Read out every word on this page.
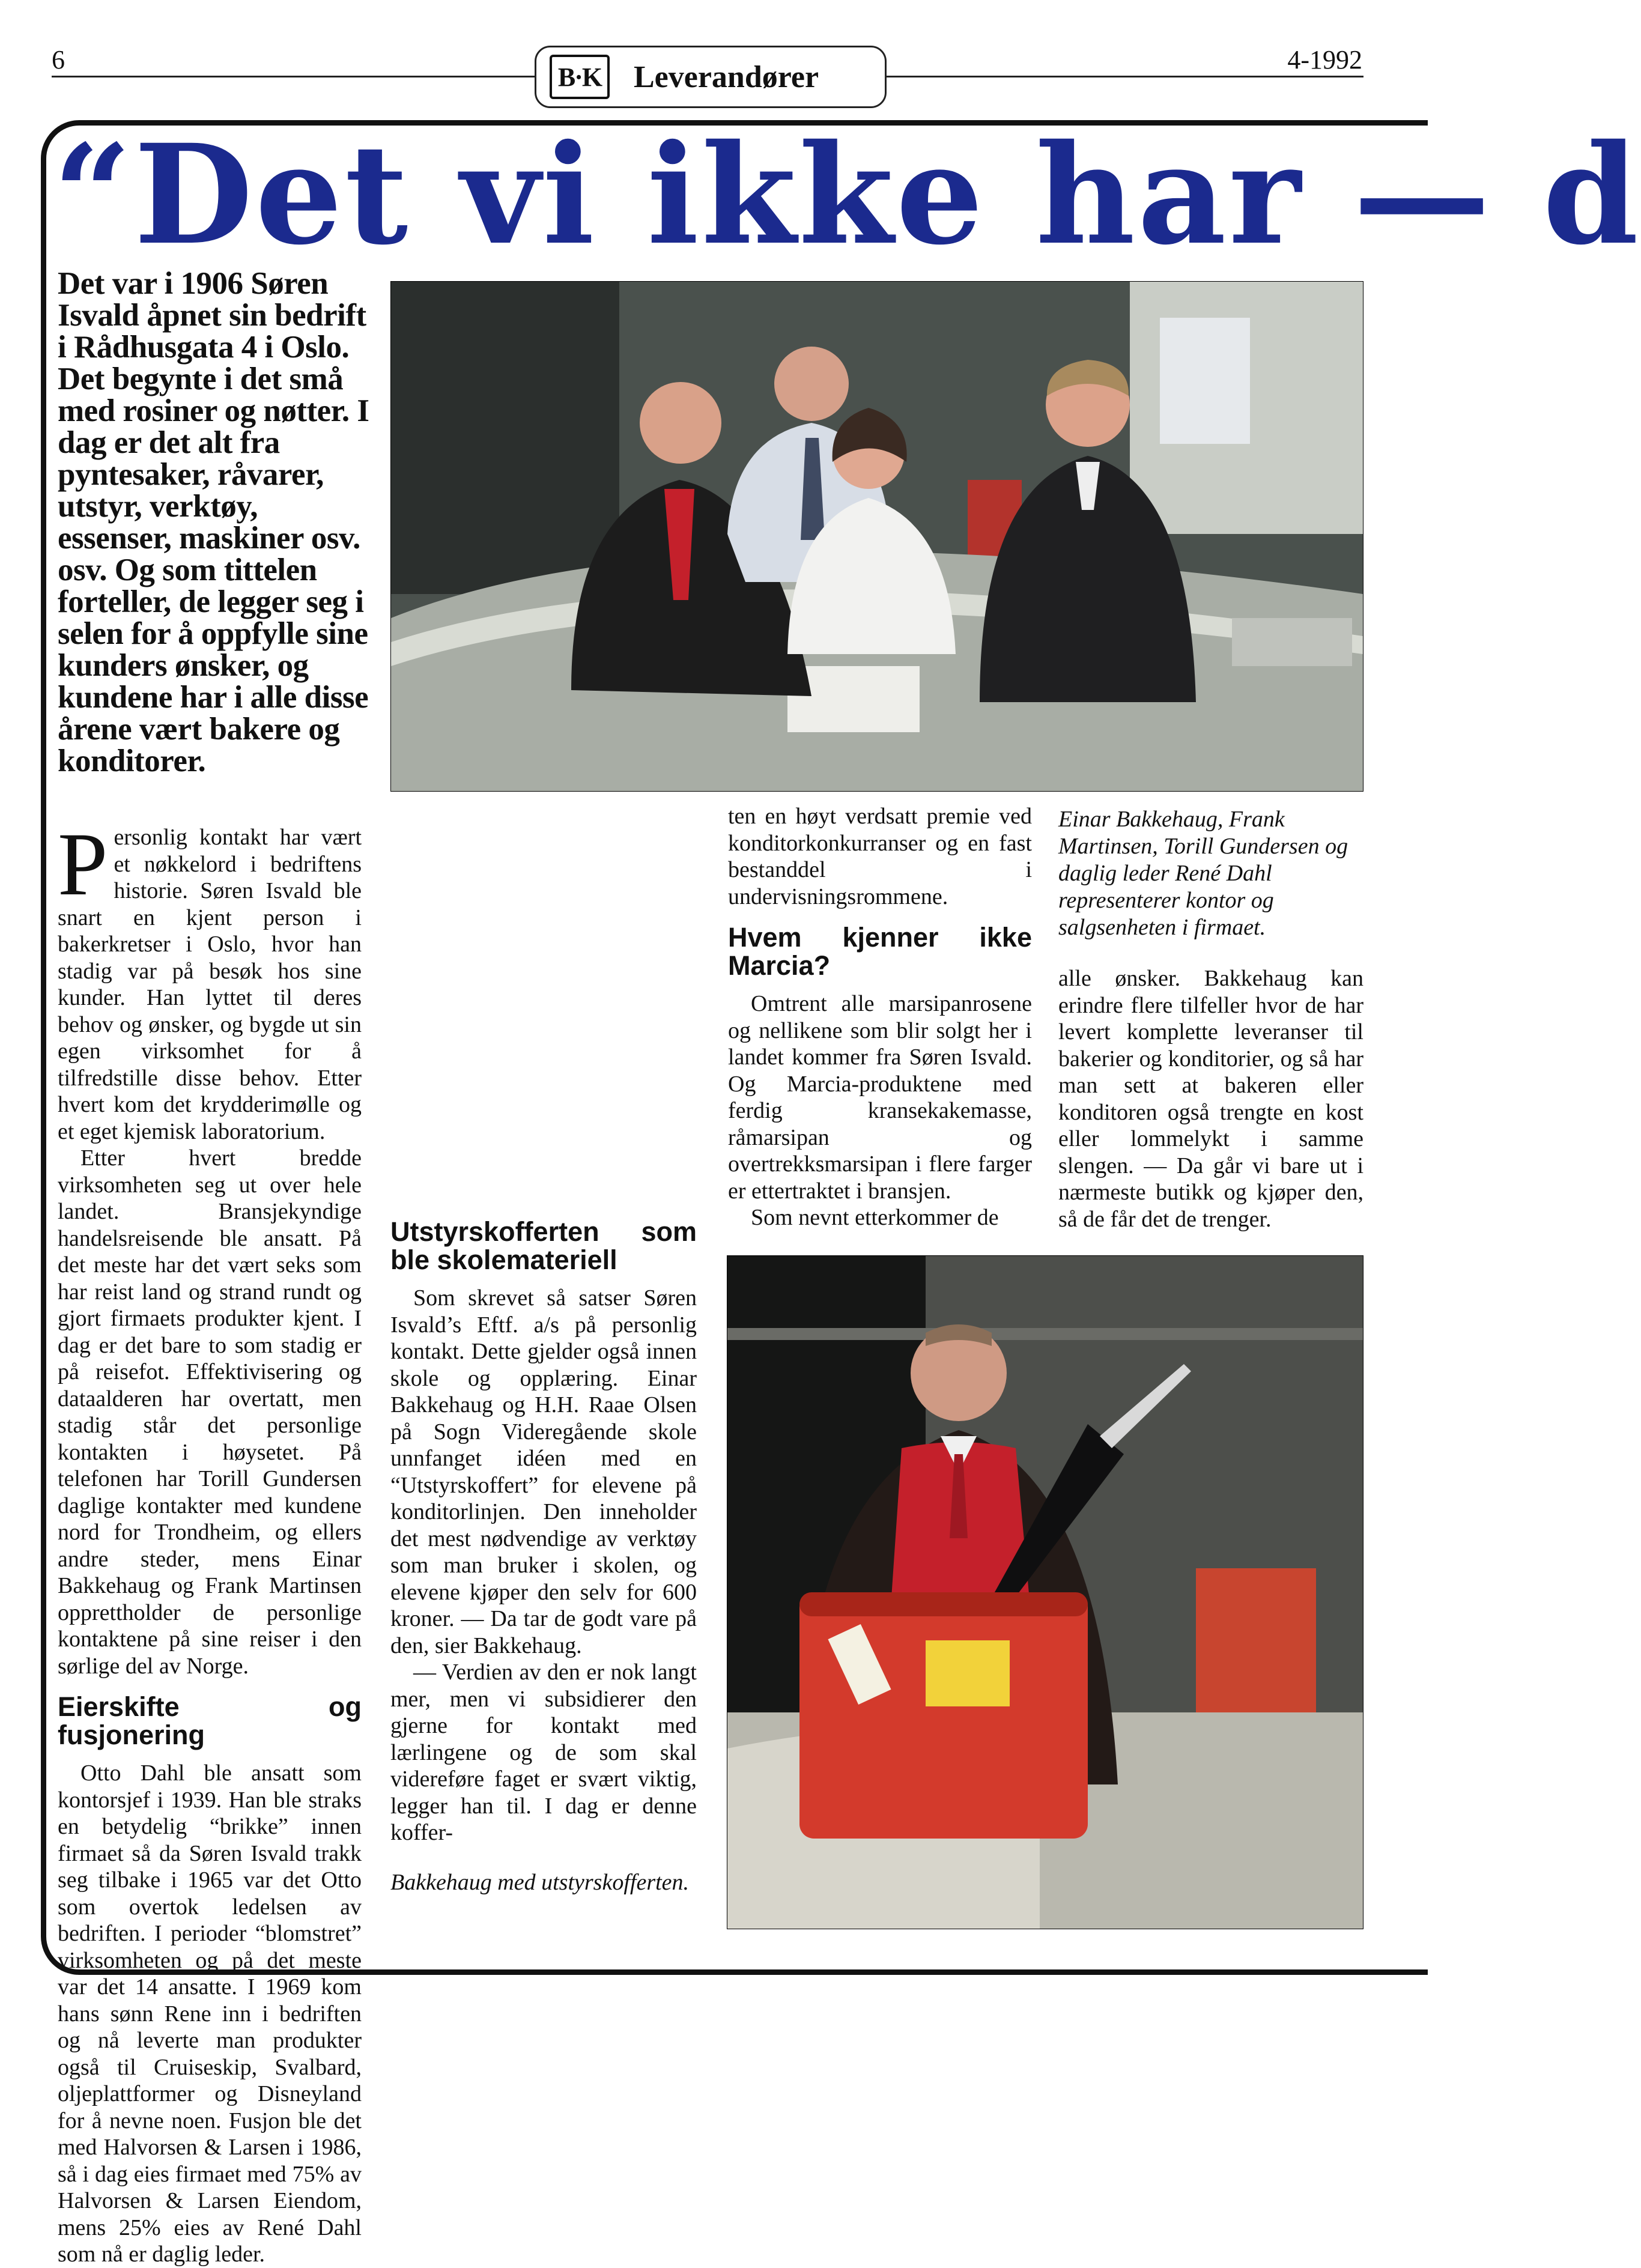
6	4-1992
B·K Leverandører
“Det vi ikke har — d
Det var i 1906 Søren Isvald åpnet sin bedrift i Rådhusgata 4 i Oslo. Det begynte i det små med rosiner og nøtter. I dag er det alt fra pyntesaker, råvarer, utstyr, verktøy, essenser, maskiner osv. osv. Og som tittelen forteller, de legger seg i selen for å oppfylle sine kunders ønsker, og kundene har i alle disse årene vært bakere og konditorer.

Personlig kontakt har vært et nøkkelord i bedriftens historie. Søren Isvald ble snart en kjent person i bakerkretser i Oslo, hvor han stadig var på besøk hos sine kunder. Han lyttet til deres behov og ønsker, og bygde ut sin egen virksomhet for å tilfredstille disse behov. Etter hvert kom det krydderimølle og et eget kjemisk laboratorium.

Etter hvert bredde virksomheten seg ut over hele landet. Bransjekyndige handelsreisende ble ansatt. På det meste har det vært seks som har reist land og strand rundt og gjort firmaets produkter kjent. I dag er det bare to som stadig er på reisefot. Effektivisering og dataalderen har overtatt, men stadig står det personlige kontakten i høysetet. På telefonen har Torill Gundersen daglige kontakter med kundene nord for Trondheim, og ellers andre steder, mens Einar Bakkehaug og Frank Martinsen opprettholder de personlige kontaktene på sine reiser i den sørlige del av Norge.

Eierskifte og fusjonering

Otto Dahl ble ansatt som kontorsjef i 1939. Han ble straks en betydelig “brikke” innen firmaet så da Søren Isvald trakk seg tilbake i 1965 var det Otto som overtok ledelsen av bedriften. I perioder “blomstret” virksomheten og på det meste var det 14 ansatte. I 1969 kom hans sønn Rene inn i bedriften og nå leverte man produkter også til Cruiseskip, Svalbard, oljeplattformer og Disneyland for å nevne noen. Fusjon ble det med Halvorsen & Larsen i 1986, så i dag eies firmaet med 75% av Halvorsen & Larsen Eiendom, mens 25% eies av René Dahl som nå er daglig leder.

Utstyrskofferten som ble skolemateriell

Som skrevet så satser Søren Isvald’s Eftf. a/s på personlig kontakt. Dette gjelder også innen skole og opplæring. Einar Bakkehaug og H.H. Raae Olsen på Sogn Videregående skole unnfanget idéen med en “Utstyrskoffert” for elevene på konditorlinjen. Den inneholder det mest nødvendige av verktøy som man bruker i skolen, og elevene kjøper den selv for 600 kroner. — Da tar de godt vare på den, sier Bakkehaug.

— Verdien av den er nok langt mer, men vi subsidierer den gjerne for kontakt med lærlingene og de som skal videreføre faget er svært viktig, legger han til. I dag er denne koffer-

Bakkehaug med utstyrskofferten.

ten en høyt verdsatt premie ved konditorkonkurranser og en fast bestanddel i undervisningsrommene.

Hvem kjenner ikke Marcia?

Omtrent alle marsipanrosene og nellikene som blir solgt her i landet kommer fra Søren Isvald. Og Marcia-produktene med ferdig kransekakemasse, råmarsipan og overtrekksmarsipan i flere farger er ettertraktet i bransjen.

Som nevnt etterkommer de

Einar Bakkehaug, Frank Martinsen, Torill Gundersen og daglig leder René Dahl representerer kontor og salgsenheten i firmaet.

alle ønsker. Bakkehaug kan erindre flere tilfeller hvor de har levert komplette leveranser til bakerier og konditorier, og så har man sett at bakeren eller konditoren også trengte en kost eller lommelykt i samme slengen. — Da går vi bare ut i nærmeste butikk og kjøper den, så de får det de trenger.
